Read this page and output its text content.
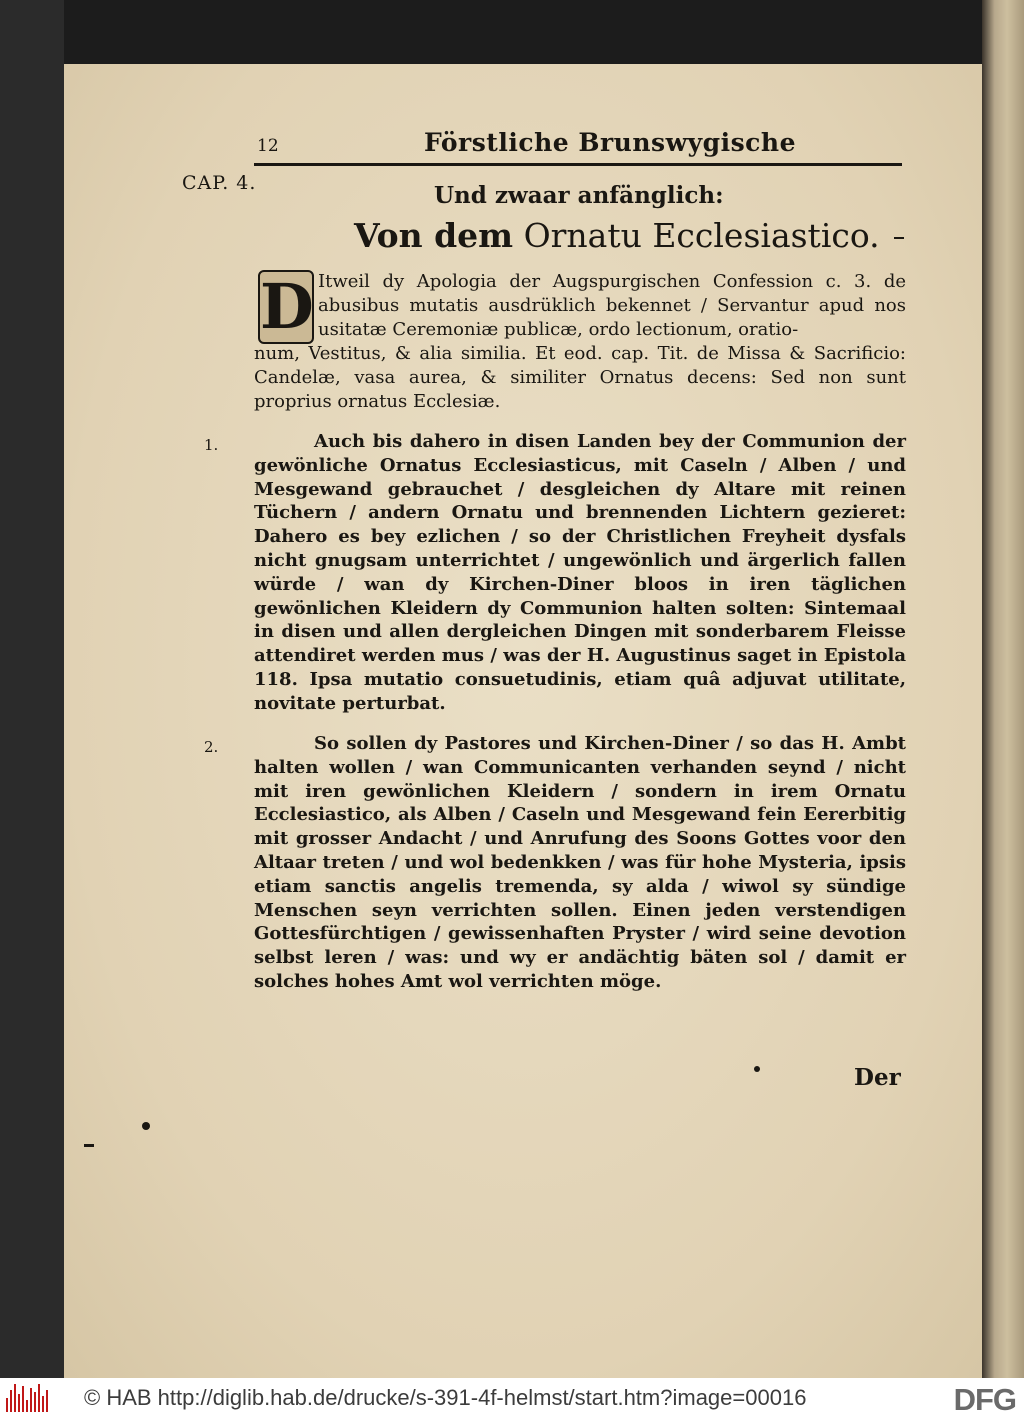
12	Förstliche Brunswygische
CAP. 4.	Und zwaar anfänglich:
Von dem Ornatu Ecclesiastico.
D Itweil dy Apologia der Augspurgischen Confession c. 3. de abusibus mutatis ausdrüklich bekennet / Servantur apud nos usitatæ Ceremoniæ publicæ, ordo lectionum, oratio-
num, Vestitus, & alia similia. Et eod. cap. Tit. de Missa & Sacrificio: Candelæ, vasa aurea, & similiter Ornatus decens: Sed non sunt proprius ornatus Ecclesiæ.
1.	Auch bis dahero in disen Landen bey der Communion der gewönliche Ornatus Ecclesiasticus, mit Caseln / Alben / und Mesgewand gebrauchet / desgleichen dy Altare mit reinen Tüchern / andern Ornatu und brennenden Lichtern gezieret: Dahero es bey ezlichen / so der Christlichen Freyheit dysfals nicht gnugsam unterrichtet / ungewönlich und ärgerlich fallen würde / wan dy Kirchen-Diner bloos in iren täglichen gewönlichen Kleidern dy Communion halten solten: Sintemaal in disen und allen dergleichen Dingen mit sonderbarem Fleisse attendiret werden mus / was der H. Augustinus saget in Epistola 118. Ipsa mutatio consuetudinis, etiam quâ adjuvat utilitate, novitate perturbat.
2.	So sollen dy Pastores und Kirchen-Diner / so das H. Ambt halten wollen / wan Communicanten verhanden seynd / nicht mit iren gewönlichen Kleidern / sondern in irem Ornatu Ecclesiastico, als Alben / Caseln und Mesgewand fein Eererbitig mit grosser Andacht / und Anrufung des Soons Gottes voor den Altaar treten / und wol bedenkken / was für hohe Mysteria, ipsis etiam sanctis angelis tremenda, sy alda / wiwol sy sündige Menschen seyn verrichten sollen. Einen jeden verstendigen Gottesfürchtigen / gewissenhaften Pryster / wird seine devotion selbst leren / was: und wy er andächtig bäten sol / damit er solches hohes Amt wol verrichten möge.
Der
© HAB http://diglib.hab.de/drucke/s-391-4f-helmst/start.htm?image=00016	DFG
